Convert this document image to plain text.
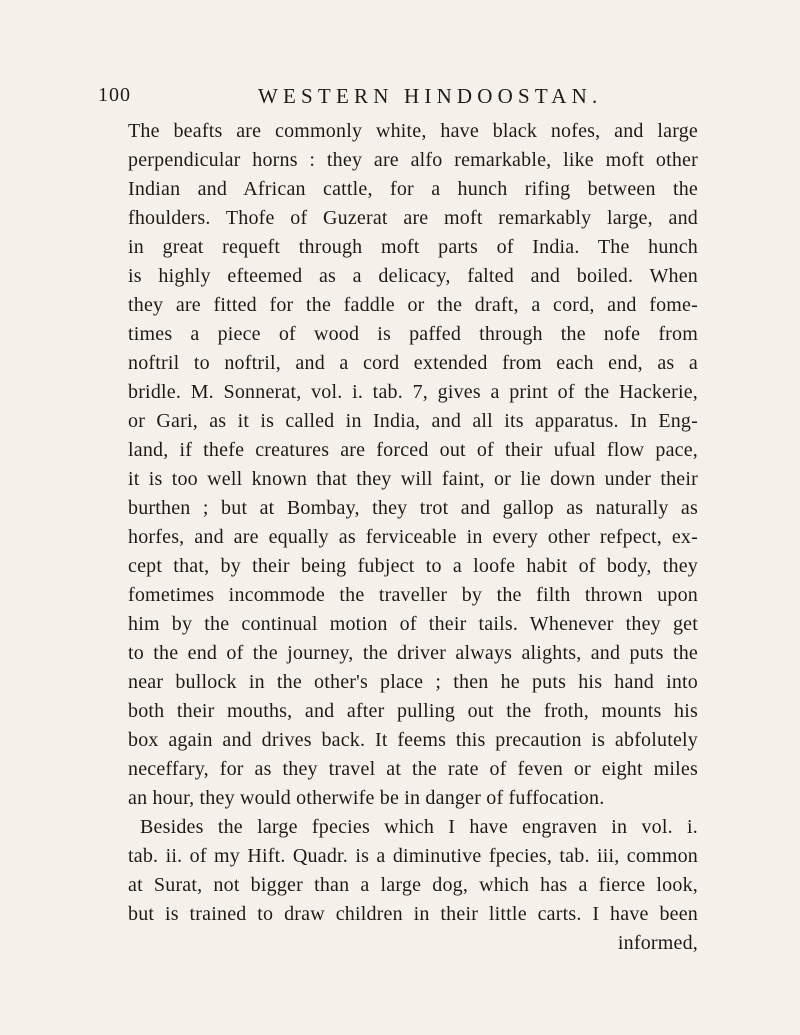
100	WESTERN HINDOOSTAN.
The beafts are commonly white, have black nofes, and large
perpendicular horns : they are alfo remarkable, like moft other
Indian and African cattle, for a hunch rifing between the
fhoulders. Thofe of Guzerat are moft remarkably large, and
in great requeft through moft parts of India. The hunch
is highly efteemed as a delicacy, falted and boiled. When
they are fitted for the faddle or the draft, a cord, and fome-
times a piece of wood is paffed through the nofe from
noftril to noftril, and a cord extended from each end, as a
bridle. M. Sonnerat, vol. i. tab. 7, gives a print of the Hackerie,
or Gari, as it is called in India, and all its apparatus. In Eng-
land, if thefe creatures are forced out of their ufual flow pace,
it is too well known that they will faint, or lie down under their
burthen ; but at Bombay, they trot and gallop as naturally as
horfes, and are equally as ferviceable in every other refpect, ex-
cept that, by their being fubject to a loofe habit of body, they
fometimes incommode the traveller by the filth thrown upon
him by the continual motion of their tails. Whenever they get
to the end of the journey, the driver always alights, and puts the
near bullock in the other's place ; then he puts his hand into
both their mouths, and after pulling out the froth, mounts his
box again and drives back. It feems this precaution is abfolutely
neceffary, for as they travel at the rate of feven or eight miles
an hour, they would otherwife be in danger of fuffocation.
Besides the large fpecies which I have engraven in vol. i.
tab. ii. of my Hift. Quadr. is a diminutive fpecies, tab. iii, common
at Surat, not bigger than a large dog, which has a fierce look,
but is trained to draw children in their little carts. I have been
informed,
